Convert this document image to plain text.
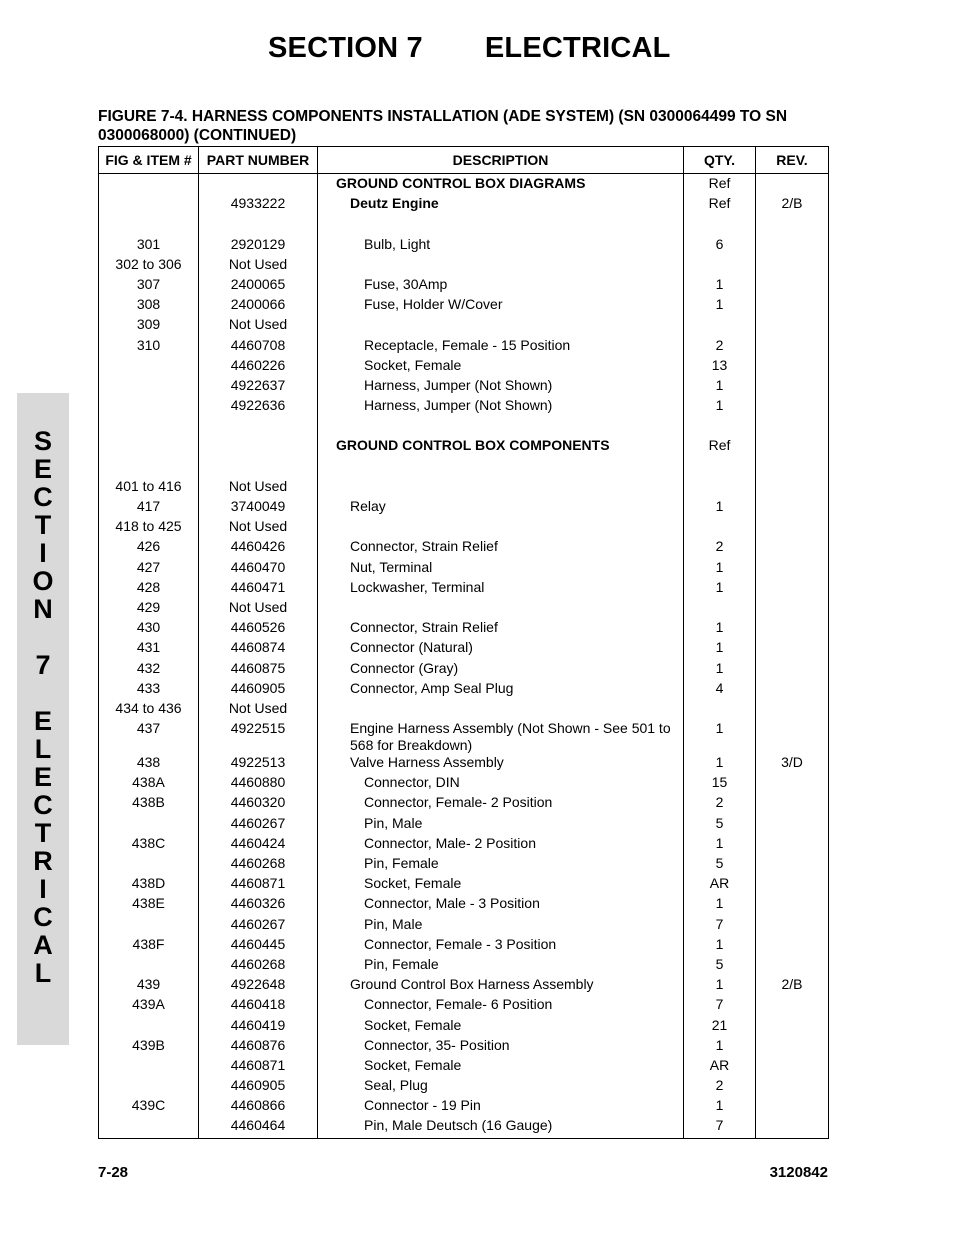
SECTION 7 ELECTRICAL
FIGURE 7-4. HARNESS COMPONENTS INSTALLATION (ADE SYSTEM) (SN 0300064499 TO SN 0300068000) (CONTINUED)
S
E
C
T
I
O
N
7
E
L
E
C
T
R
I
C
A
L
FIG & ITEM #	PART NUMBER	DESCRIPTION	QTY.	REV.
		GROUND CONTROL BOX DIAGRAMS	Ref	
	4933222	Deutz Engine	Ref	2/B

301	2920129	Bulb, Light	6	
302 to 306	Not Used			
307	2400065	Fuse, 30Amp	1	
308	2400066	Fuse, Holder W/Cover	1	
309	Not Used			
310	4460708	Receptacle, Female - 15 Position	2	
	4460226	Socket, Female	13	
	4922637	Harness, Jumper (Not Shown)	1	
	4922636	Harness, Jumper (Not Shown)	1	

		GROUND CONTROL BOX COMPONENTS	Ref	

401 to 416	Not Used			
417	3740049	Relay	1	
418 to 425	Not Used			
426	4460426	Connector, Strain Relief	2	
427	4460470	Nut, Terminal	1	
428	4460471	Lockwasher, Terminal	1	
429	Not Used			
430	4460526	Connector, Strain Relief	1	
431	4460874	Connector (Natural)	1	
432	4460875	Connector (Gray)	1	
433	4460905	Connector, Amp Seal Plug	4	
434 to 436	Not Used			
437	4922515	Engine Harness Assembly (Not Shown - See 501 to 568 for Breakdown)	1	
438	4922513	Valve Harness Assembly	1	3/D
438A	4460880	Connector, DIN	15	
438B	4460320	Connector, Female- 2 Position	2	
	4460267	Pin, Male	5	
438C	4460424	Connector, Male- 2 Position	1	
	4460268	Pin, Female	5	
438D	4460871	Socket, Female	AR	
438E	4460326	Connector, Male - 3 Position	1	
	4460267	Pin, Male	7	
438F	4460445	Connector, Female - 3 Position	1	
	4460268	Pin, Female	5	
439	4922648	Ground Control Box Harness Assembly	1	2/B
439A	4460418	Connector, Female- 6 Position	7	
	4460419	Socket, Female	21	
439B	4460876	Connector, 35- Position	1	
	4460871	Socket, Female	AR	
	4460905	Seal, Plug	2	
439C	4460866	Connector - 19 Pin	1	
	4460464	Pin, Male Deutsch (16 Gauge)	7	
7-28	3120842
